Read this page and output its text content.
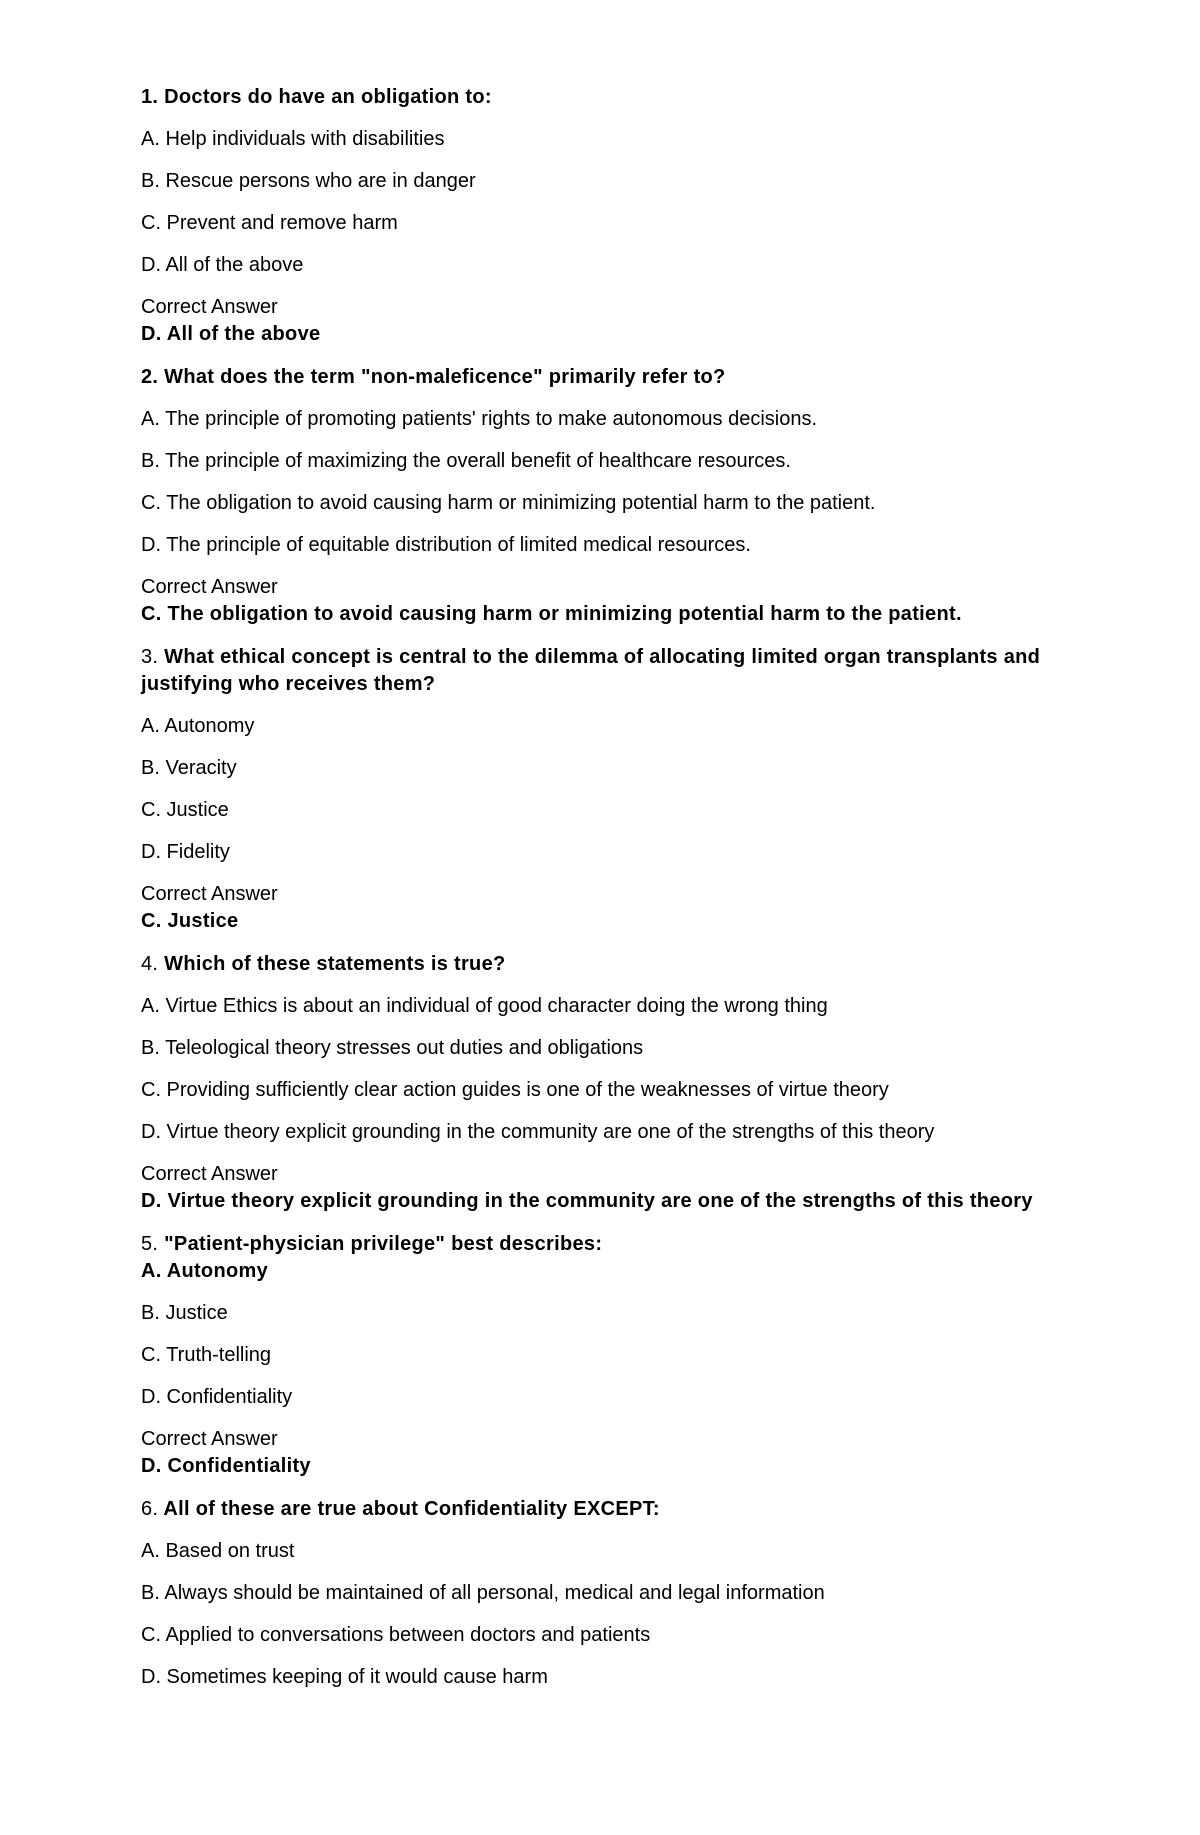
1. Doctors do have an obligation to:

A. Help individuals with disabilities

B. Rescue persons who are in danger

C. Prevent and remove harm

D. All of the above

Correct Answer

D. All of the above

2. What does the term "non-maleficence" primarily refer to?

A. The principle of promoting patients' rights to make autonomous decisions.

B. The principle of maximizing the overall benefit of healthcare resources.

C. The obligation to avoid causing harm or minimizing potential harm to the patient.

D. The principle of equitable distribution of limited medical resources.

Correct Answer

C. The obligation to avoid causing harm or minimizing potential harm to the patient.

3. What ethical concept is central to the dilemma of allocating limited organ transplants and justifying who receives them?

A. Autonomy

B. Veracity

C. Justice

D. Fidelity

Correct Answer

C. Justice

4. Which of these statements is true?

A. Virtue Ethics is about an individual of good character doing the wrong thing

B. Teleological theory stresses out duties and obligations

C. Providing sufficiently clear action guides is one of the weaknesses of virtue theory

D. Virtue theory explicit grounding in the community are one of the strengths of this theory

Correct Answer

D. Virtue theory explicit grounding in the community are one of the strengths of this theory

5. "Patient-physician privilege" best describes:

A. Autonomy

B. Justice

C. Truth-telling

D. Confidentiality

Correct Answer

D. Confidentiality

6. All of these are true about Confidentiality EXCEPT:

A. Based on trust

B. Always should be maintained of all personal, medical and legal information

C. Applied to conversations between doctors and patients

D. Sometimes keeping of it would cause harm
